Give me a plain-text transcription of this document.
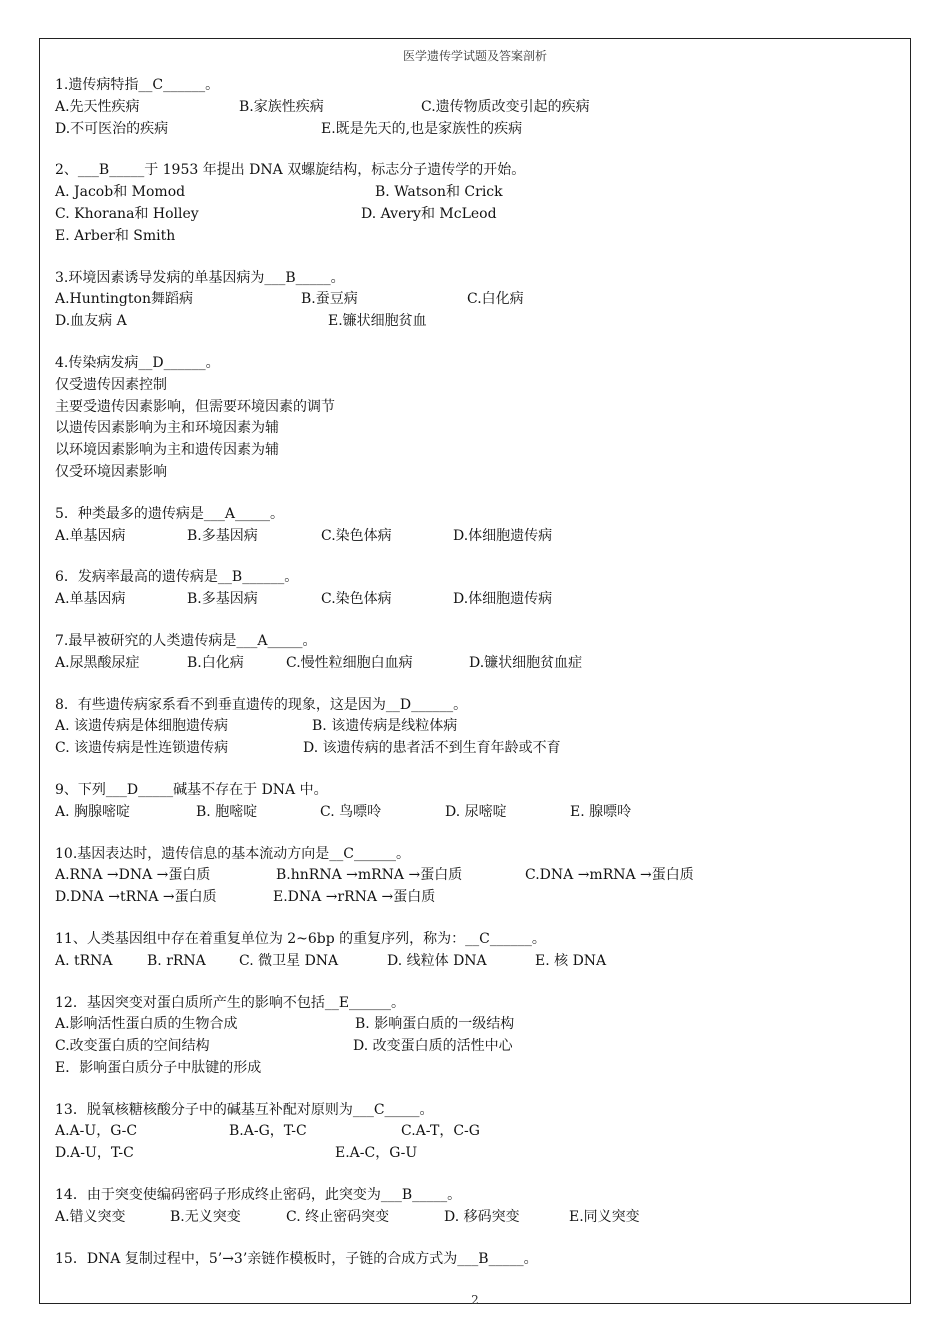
医学遗传学试题及答案剖析
1.遗传病特指__C______。
A.先天性疾病	B.家族性疾病	C.遗传物质改变引起的疾病
D.不可医治的疾病	E.既是先天的,也是家族性的疾病
2、___B_____于 1953 年提出 DNA 双螺旋结构，标志分子遗传学的开始。
A. Jacob和 Momod	B. Watson和 Crick
C. Khorana和 Holley	D. Avery和 McLeod
E. Arber和 Smith
3.环境因素诱导发病的单基因病为___B_____。
A.Huntington舞蹈病	B.蚕豆病	C.白化病
D.血友病 A	E.镰状细胞贫血
4.传染病发病__D______。
仅受遗传因素控制
主要受遗传因素影响，但需要环境因素的调节
以遗传因素影响为主和环境因素为辅
以环境因素影响为主和遗传因素为辅
仅受环境因素影响
5．种类最多的遗传病是___A_____。
A.单基因病	B.多基因病	C.染色体病	D.体细胞遗传病
6．发病率最高的遗传病是__B______。
A.单基因病	B.多基因病	C.染色体病	D.体细胞遗传病
7.最早被研究的人类遗传病是___A_____。
A.尿黑酸尿症	B.白化病	C.慢性粒细胞白血病	D.镰状细胞贫血症
8．有些遗传病家系看不到垂直遗传的现象，这是因为__D______。
A. 该遗传病是体细胞遗传病	B. 该遗传病是线粒体病
C. 该遗传病是性连锁遗传病	D. 该遗传病的患者活不到生育年龄或不育
9、下列___D_____碱基不存在于 DNA 中。
A. 胸腺嘧啶	B. 胞嘧啶	C. 鸟嘌呤	D. 尿嘧啶	E. 腺嘌呤
10.基因表达时，遗传信息的基本流动方向是__C______。
A.RNA →DNA →蛋白质	B.hnRNA →mRNA →蛋白质	C.DNA →mRNA →蛋白质
D.DNA →tRNA →蛋白质	E.DNA →rRNA →蛋白质
11、人类基因组中存在着重复单位为 2~6bp 的重复序列，称为：__C______。
A. tRNA B. rRNA C. 微卫星 DNA	D. 线粒体 DNA	E. 核 DNA
12．基因突变对蛋白质所产生的影响不包括__E______。
A.影响活性蛋白质的生物合成	B. 影响蛋白质的一级结构
C.改变蛋白质的空间结构	D. 改变蛋白质的活性中心
E．影响蛋白质分子中肽键的形成
13．脱氧核糖核酸分子中的碱基互补配对原则为___C_____。
A.A-U，G-C	B.A-G，T-C	C.A-T，C-G
D.A-U，T-C	E.A-C，G-U
14．由于突变使编码密码子形成终止密码，此突变为___B_____。
A.错义突变	B.无义突变	C. 终止密码突变	D. 移码突变	E.同义突变
15．DNA 复制过程中，5’→3’亲链作模板时，子链的合成方式为___B_____。
2
